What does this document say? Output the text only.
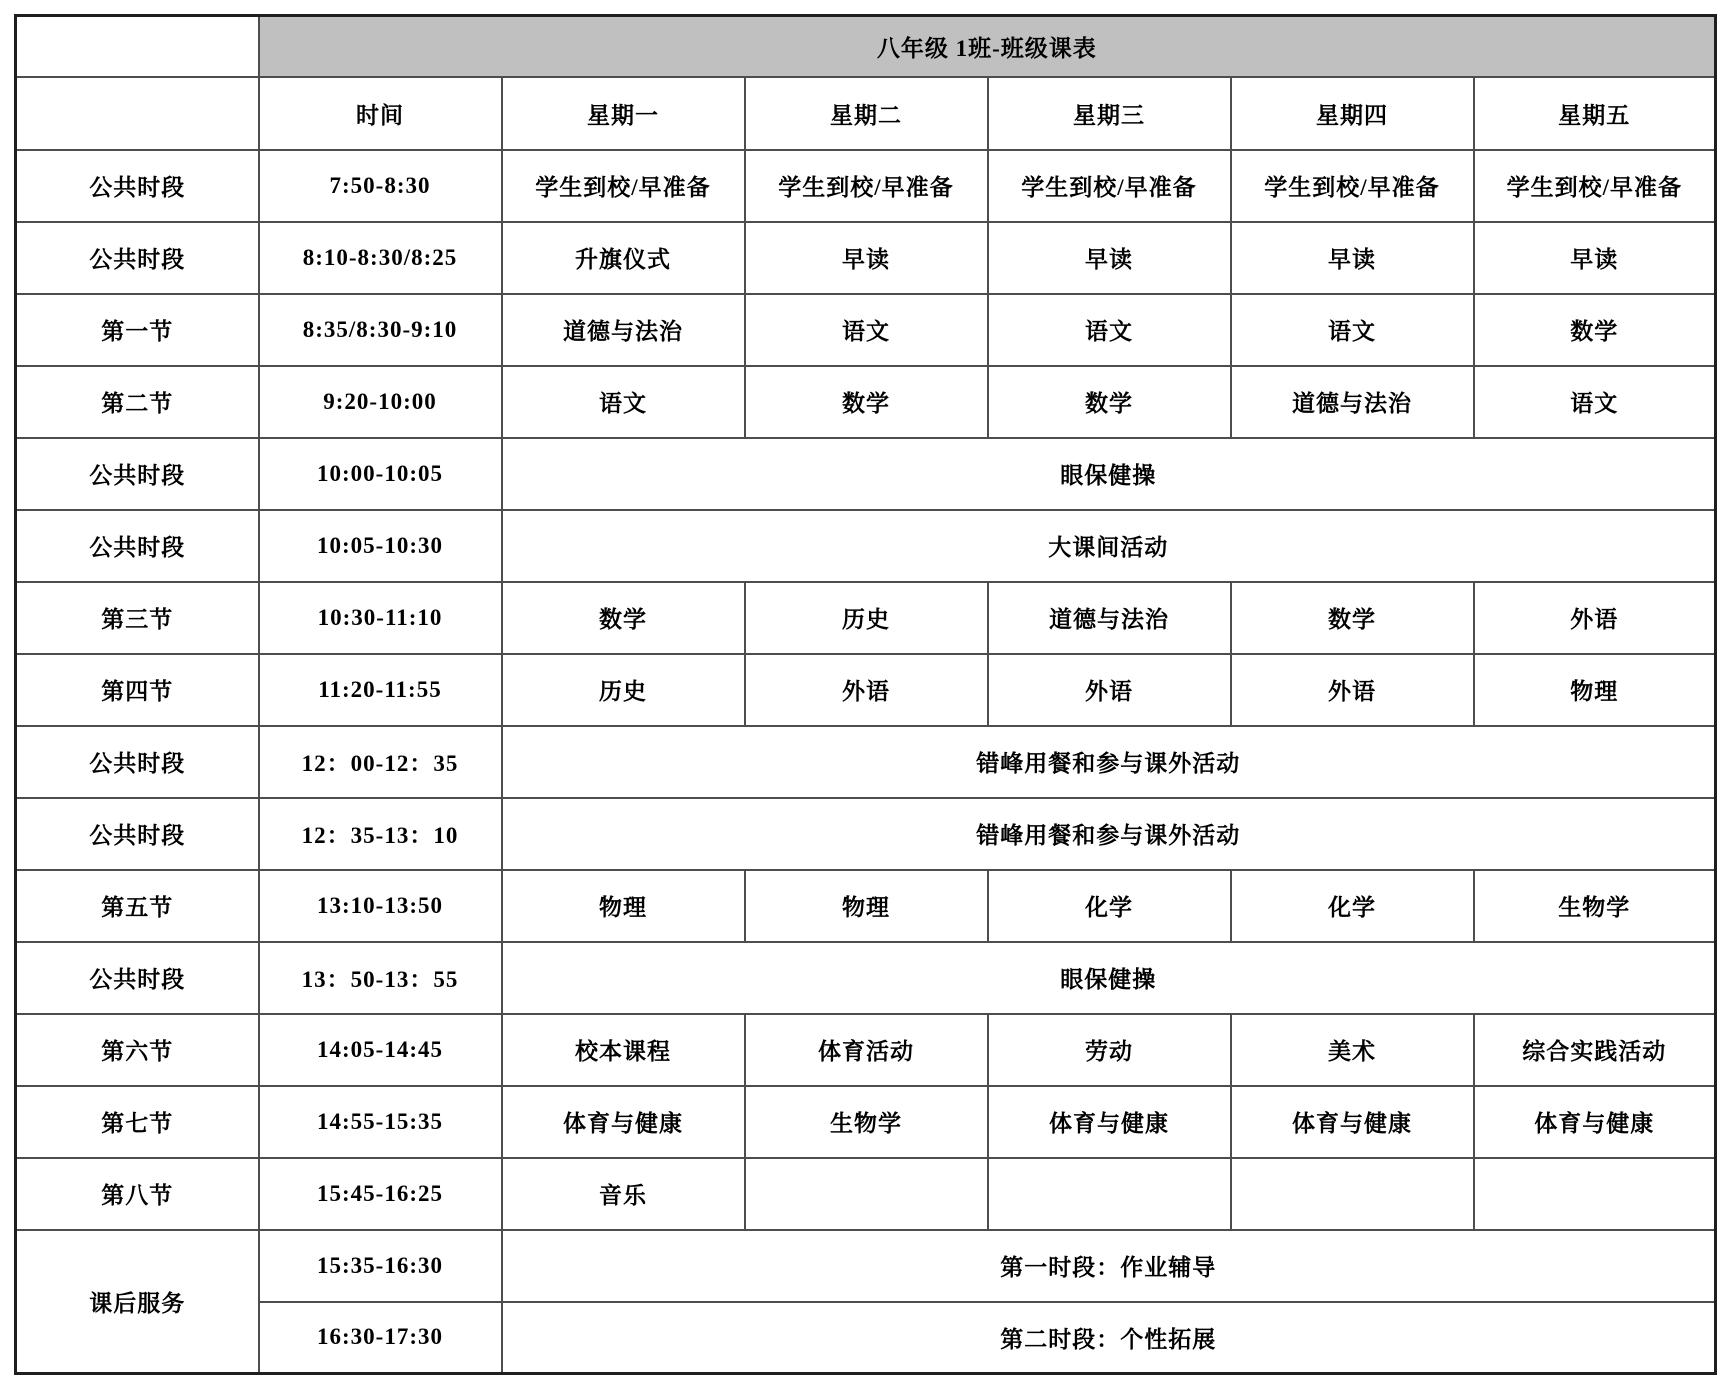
	八年级 1班-班级课表					
	时间	星期一	星期二	星期三	星期四	星期五
公共时段	7:50-8:30	学生到校/早准备	学生到校/早准备	学生到校/早准备	学生到校/早准备	学生到校/早准备
公共时段	8:10-8:30/8:25	升旗仪式	早读	早读	早读	早读
第一节	8:35/8:30-9:10	道德与法治	语文	语文	语文	数学
第二节	9:20-10:00	语文	数学	数学	道德与法治	语文
公共时段	10:00-10:05	眼保健操				
公共时段	10:05-10:30	大课间活动				
第三节	10:30-11:10	数学	历史	道德与法治	数学	外语
第四节	11:20-11:55	历史	外语	外语	外语	物理
公共时段	12：00-12：35	错峰用餐和参与课外活动				
公共时段	12：35-13：10	错峰用餐和参与课外活动				
第五节	13:10-13:50	物理	物理	化学	化学	生物学
公共时段	13：50-13：55	眼保健操				
第六节	14:05-14:45	校本课程	体育活动	劳动	美术	综合实践活动
第七节	14:55-15:35	体育与健康	生物学	体育与健康	体育与健康	体育与健康
第八节	15:45-16:25	音乐				
课后服务	15:35-16:30	第一时段：作业辅导				
	16:30-17:30	第二时段：个性拓展				
